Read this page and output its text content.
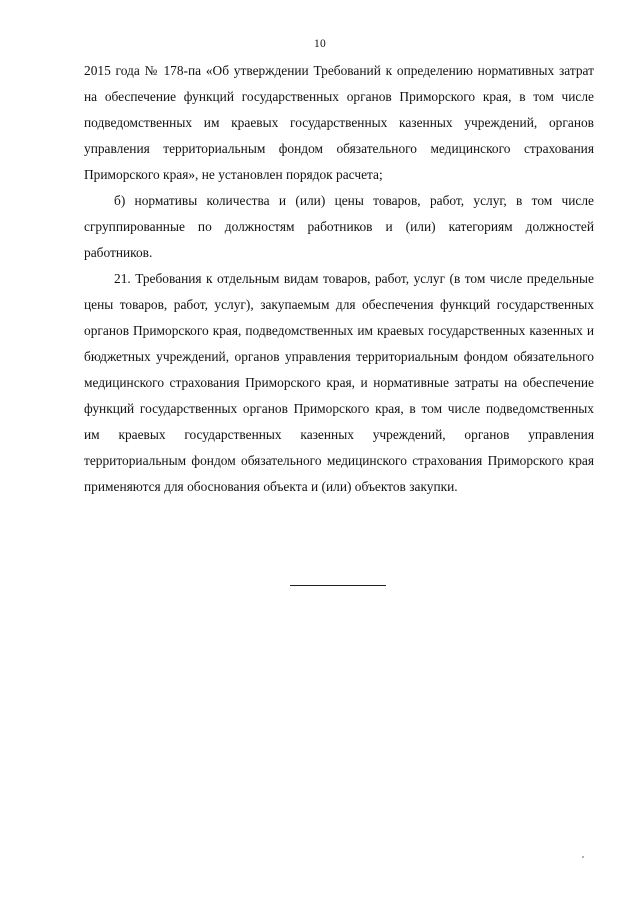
10

2015 года № 178-па «Об утверждении Требований к определению нормативных затрат на обеспечение функций государственных органов Приморского края, в том числе подведомственных им краевых государственных казенных учреждений, органов управления территориальным фондом обязательного медицинского страхования Приморского края», не установлен порядок расчета;

б) нормативы количества и (или) цены товаров, работ, услуг, в том числе сгруппированные по должностям работников и (или) категориям должностей работников.

21. Требования к отдельным видам товаров, работ, услуг (в том числе предельные цены товаров, работ, услуг), закупаемым для обеспечения функций государственных органов Приморского края, подведомственных им краевых государственных казенных и бюджетных учреждений, органов управления территориальным фондом обязательного медицинского страхования Приморского края, и нормативные затраты на обеспечение функций государственных органов Приморского края, в том числе подведомственных им краевых государственных казенных учреждений, органов управления территориальным фондом обязательного медицинского страхования Приморского края применяются для обоснования объекта и (или) объектов закупки.
